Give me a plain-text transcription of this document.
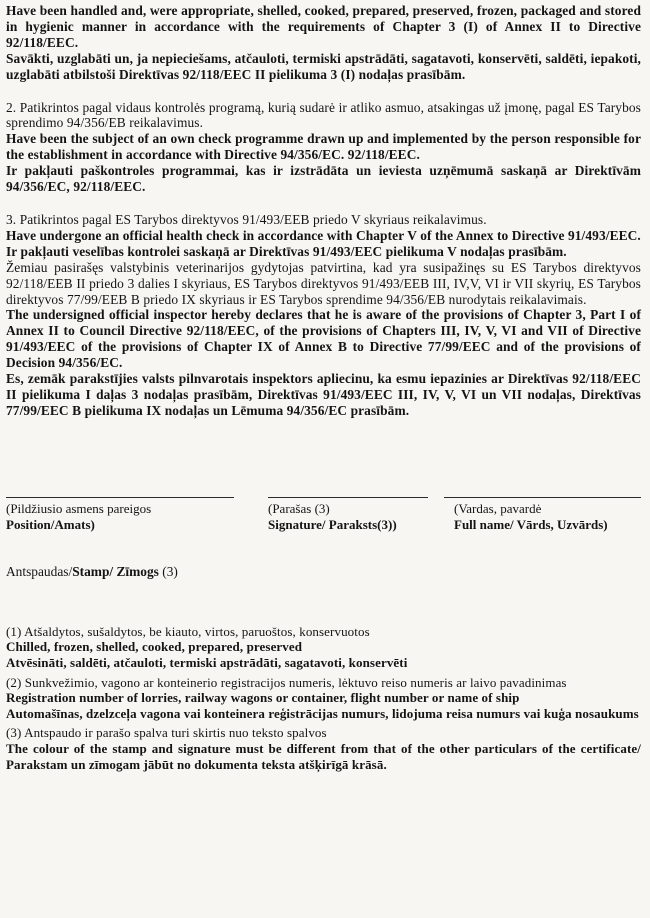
Have been handled and, were appropriate, shelled, cooked, prepared, preserved, frozen, packaged and stored in hygienic manner in accordance with the requirements of Chapter 3 (I) of Annex II to Directive 92/118/EEC.

Savākti, uzglabāti un, ja nepieciešams, atčauloti, termiski apstrādāti, sagatavoti, konservēti, saldēti, iepakoti, uzglabāti atbilstoši Direktīvas 92/118/EEC II pielikuma 3 (I) nodaļas prasībām.

2. Patikrintos pagal vidaus kontrolės programą, kurią sudarė ir atliko asmuo, atsakingas už įmonę, pagal ES Tarybos sprendimo 94/356/EB reikalavimus.

Have been the subject of an own check programme drawn up and implemented by the person responsible for the establishment in accordance with Directive 94/356/EC. 92/118/EEC.

Ir pakļauti paškontroles programmai, kas ir izstrādāta un ieviesta uzņēmumā saskaņā ar Direktīvām 94/356/EC, 92/118/EEC.

3. Patikrintos pagal ES Tarybos direktyvos 91/493/EEB priedo V skyriaus reikalavimus.

Have undergone an official health check in accordance with Chapter V of the Annex to Directive 91/493/EEC.

Ir pakļauti veselības kontrolei saskaņā ar Direktīvas 91/493/EEC pielikuma V nodaļas prasībām.

Žemiau pasirašęs valstybinis veterinarijos gydytojas patvirtina, kad yra susipažinęs su ES Tarybos direktyvos 92/118/EEB II priedo 3 dalies I skyriaus, ES Tarybos direktyvos 91/493/EEB III, IV,V, VI ir VII skyrių, ES Tarybos direktyvos 77/99/EEB B priedo IX skyriaus ir ES Tarybos sprendime 94/356/EB nurodytais reikalavimais.

The undersigned official inspector hereby declares that he is aware of the provisions of Chapter 3, Part I of Annex II to Council Directive 92/118/EEC, of the provisions of Chapters III, IV, V, VI and VII of Directive 91/493/EEC of the provisions of Chapter IX of Annex B to Directive 77/99/EEC and of the provisions of Decision 94/356/EC.

Es, zemāk parakstījies valsts pilnvarotais inspektors apliecinu, ka esmu iepazinies ar Direktīvas 92/118/EEC II pielikuma I daļas 3 nodaļas prasībām, Direktīvas 91/493/EEC III, IV, V, VI un VII nodaļas, Direktīvas 77/99/EEC B pielikuma IX nodaļas un Lēmuma 94/356/EC prasībām.

(Pildžiusio asmens pareigos
Position/Amats)
(Parašas (3)
Signature/ Paraksts(3))
(Vardas, pavardė
Full name/ Vārds, Uzvārds)

Antspaudas/Stamp/ Zīmogs (3)

(1) Atšaldytos, sušaldytos, be kiauto, virtos, paruoštos, konservuotos

Chilled, frozen, shelled, cooked, prepared, preserved

Atvēsināti, saldēti, atčauloti, termiski apstrādāti, sagatavoti, konservēti

(2) Sunkvežimio, vagono ar konteinerio registracijos numeris, lėktuvo reiso numeris ar laivo pavadinimas

Registration number of lorries, railway wagons or container, flight number or name of ship

Automašīnas, dzelzceļa vagona vai konteinera reģistrācijas numurs, lidojuma reisa numurs vai kuģa nosaukums

(3) Antspaudo ir parašo spalva turi skirtis nuo teksto spalvos

The colour of the stamp and signature must be different from that of the other particulars of the certificate/ Parakstam un zīmogam jābūt no dokumenta teksta atšķirīgā krāsā.
